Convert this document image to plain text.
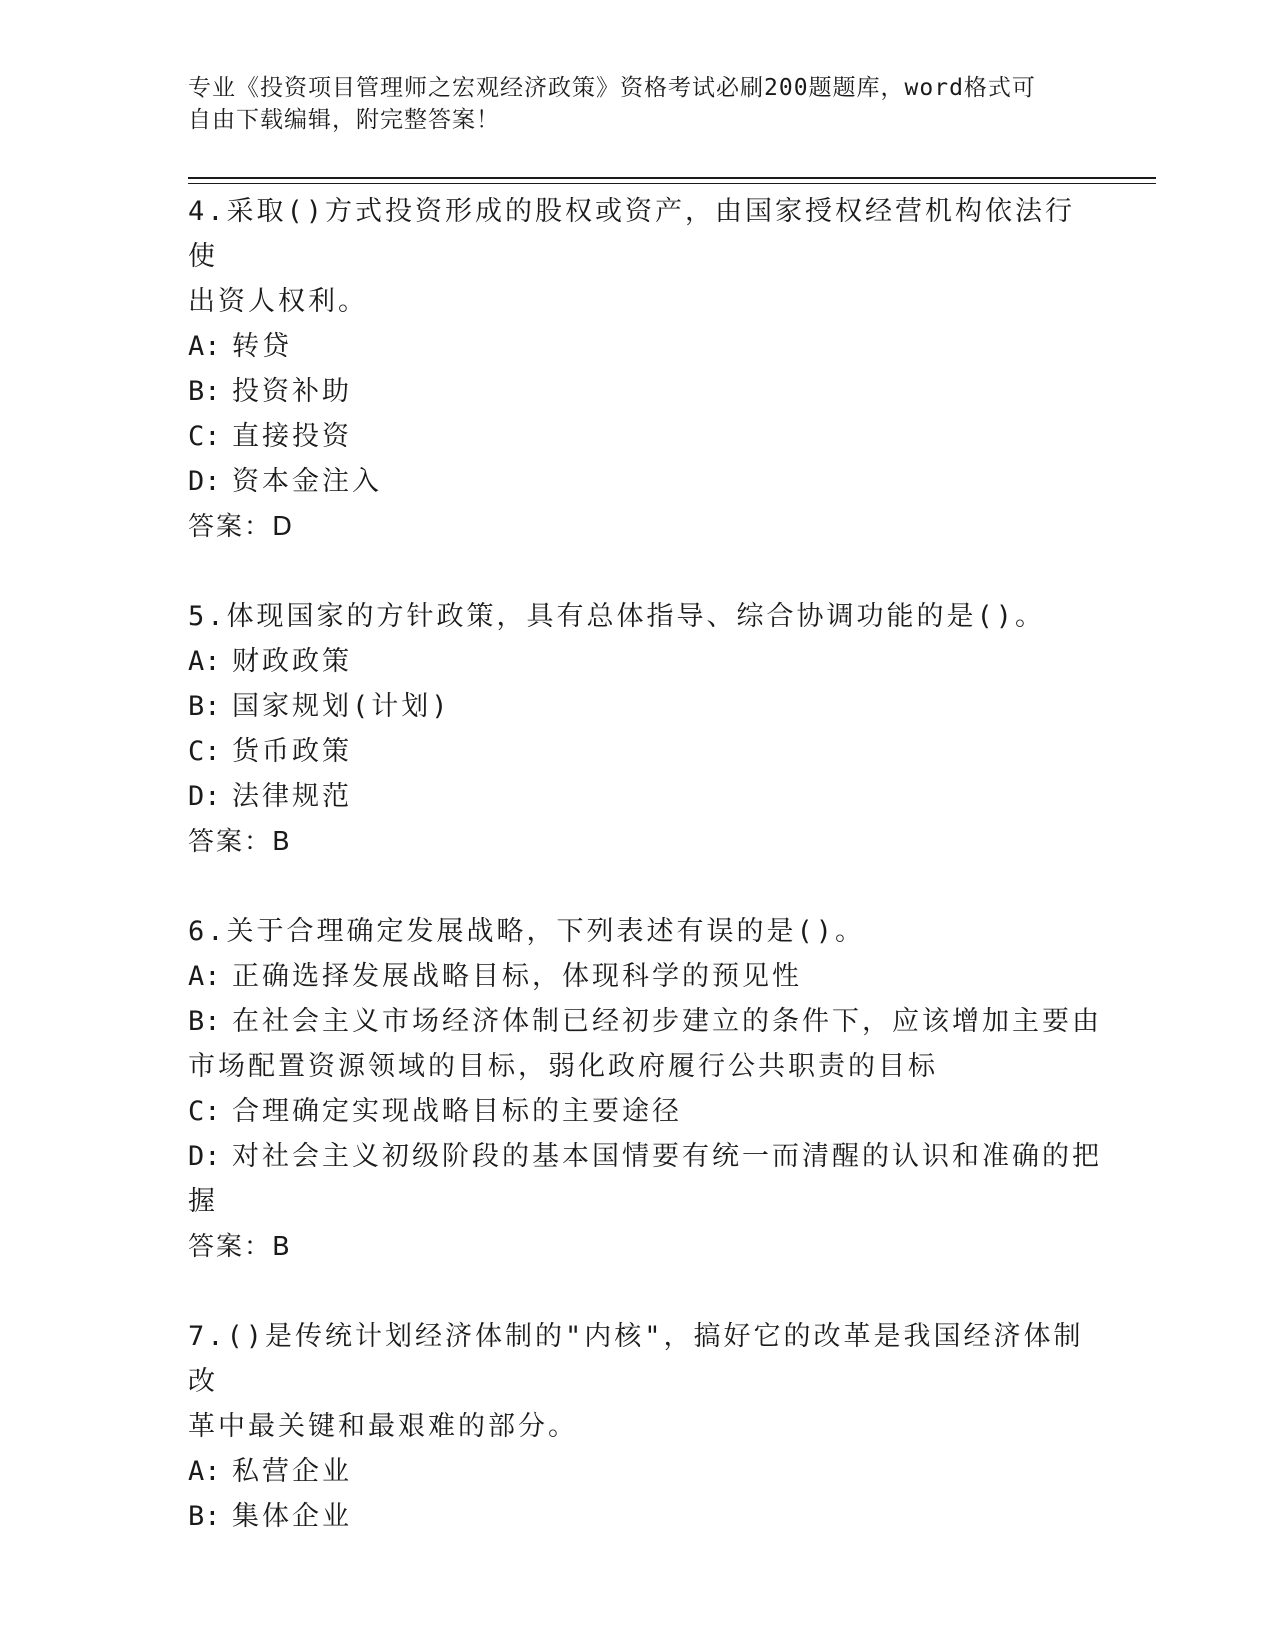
专业《投资项目管理师之宏观经济政策》资格考试必刷200题题库，word格式可
自由下载编辑，附完整答案！
4.采取()方式投资形成的股权或资产，由国家授权经营机构依法行使
出资人权利。
A: 转贷
B: 投资补助
C: 直接投资
D: 资本金注入
答案：D
5.体现国家的方针政策，具有总体指导、综合协调功能的是()。
A: 财政政策
B: 国家规划(计划)
C: 货币政策
D: 法律规范
答案：B
6.关于合理确定发展战略，下列表述有误的是()。
A: 正确选择发展战略目标，体现科学的预见性
B: 在社会主义市场经济体制已经初步建立的条件下，应该增加主要由
市场配置资源领域的目标，弱化政府履行公共职责的目标
C: 合理确定实现战略目标的主要途径
D: 对社会主义初级阶段的基本国情要有统一而清醒的认识和准确的把
握
答案：B
7.()是传统计划经济体制的"内核"，搞好它的改革是我国经济体制改
革中最关键和最艰难的部分。
A: 私营企业
B: 集体企业
